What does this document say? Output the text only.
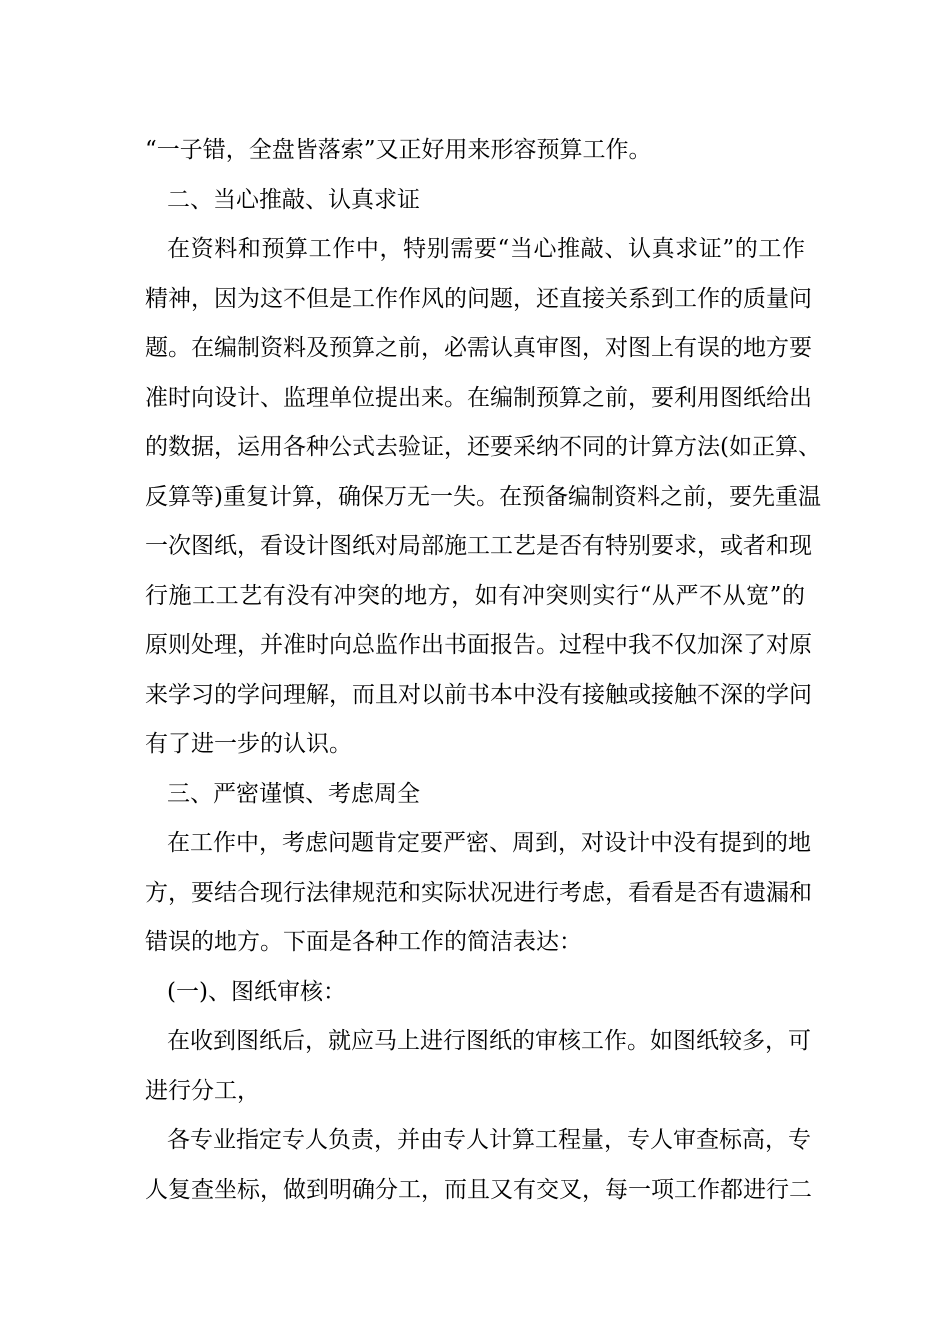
“一子错，全盘皆落索”又正好用来形容预算工作。
二、当心推敲、认真求证
在资料和预算工作中，特别需要“当心推敲、认真求证”的工作
精神，因为这不但是工作作风的问题，还直接关系到工作的质量问
题。在编制资料及预算之前，必需认真审图，对图上有误的地方要
准时向设计、监理单位提出来。在编制预算之前，要利用图纸给出
的数据，运用各种公式去验证，还要采纳不同的计算方法(如正算、
反算等)重复计算，确保万无一失。在预备编制资料之前，要先重温
一次图纸，看设计图纸对局部施工工艺是否有特别要求，或者和现
行施工工艺有没有冲突的地方，如有冲突则实行“从严不从宽”的
原则处理，并准时向总监作出书面报告。过程中我不仅加深了对原
来学习的学问理解，而且对以前书本中没有接触或接触不深的学问
有了进一步的认识。
三、严密谨慎、考虑周全
在工作中，考虑问题肯定要严密、周到，对设计中没有提到的地
方，要结合现行法律规范和实际状况进行考虑，看看是否有遗漏和
错误的地方。下面是各种工作的简洁表达：
(一)、图纸审核：
在收到图纸后，就应马上进行图纸的审核工作。如图纸较多，可
进行分工，
各专业指定专人负责，并由专人计算工程量，专人审查标高，专
人复查坐标，做到明确分工，而且又有交叉，每一项工作都进行二
